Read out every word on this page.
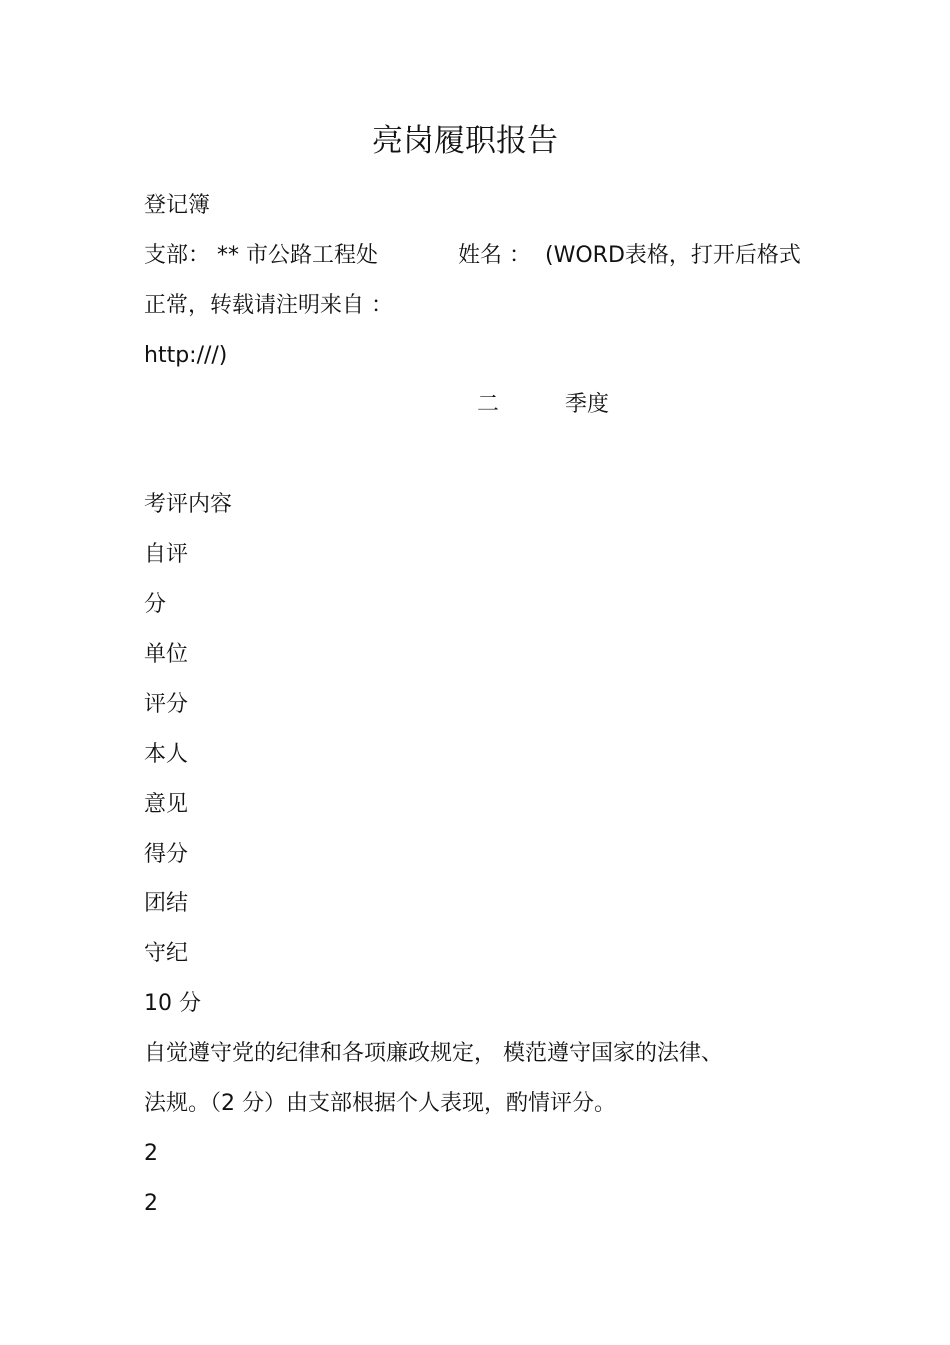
亮岗履职报告
登记簿
支部： ** 市公路工程处	姓名 ： (WORD表格，打开后格式
正常，转载请注明来自 ：
http:///)
二	季度
考评内容
自评
分
单位
评分
本人
意见
得分
团结
守纪
10 分
自觉遵守党的纪律和各项廉政规定， 模范遵守国家的法律、
法规。（2 分）由支部根据个人表现，酌情评分。
2
2
